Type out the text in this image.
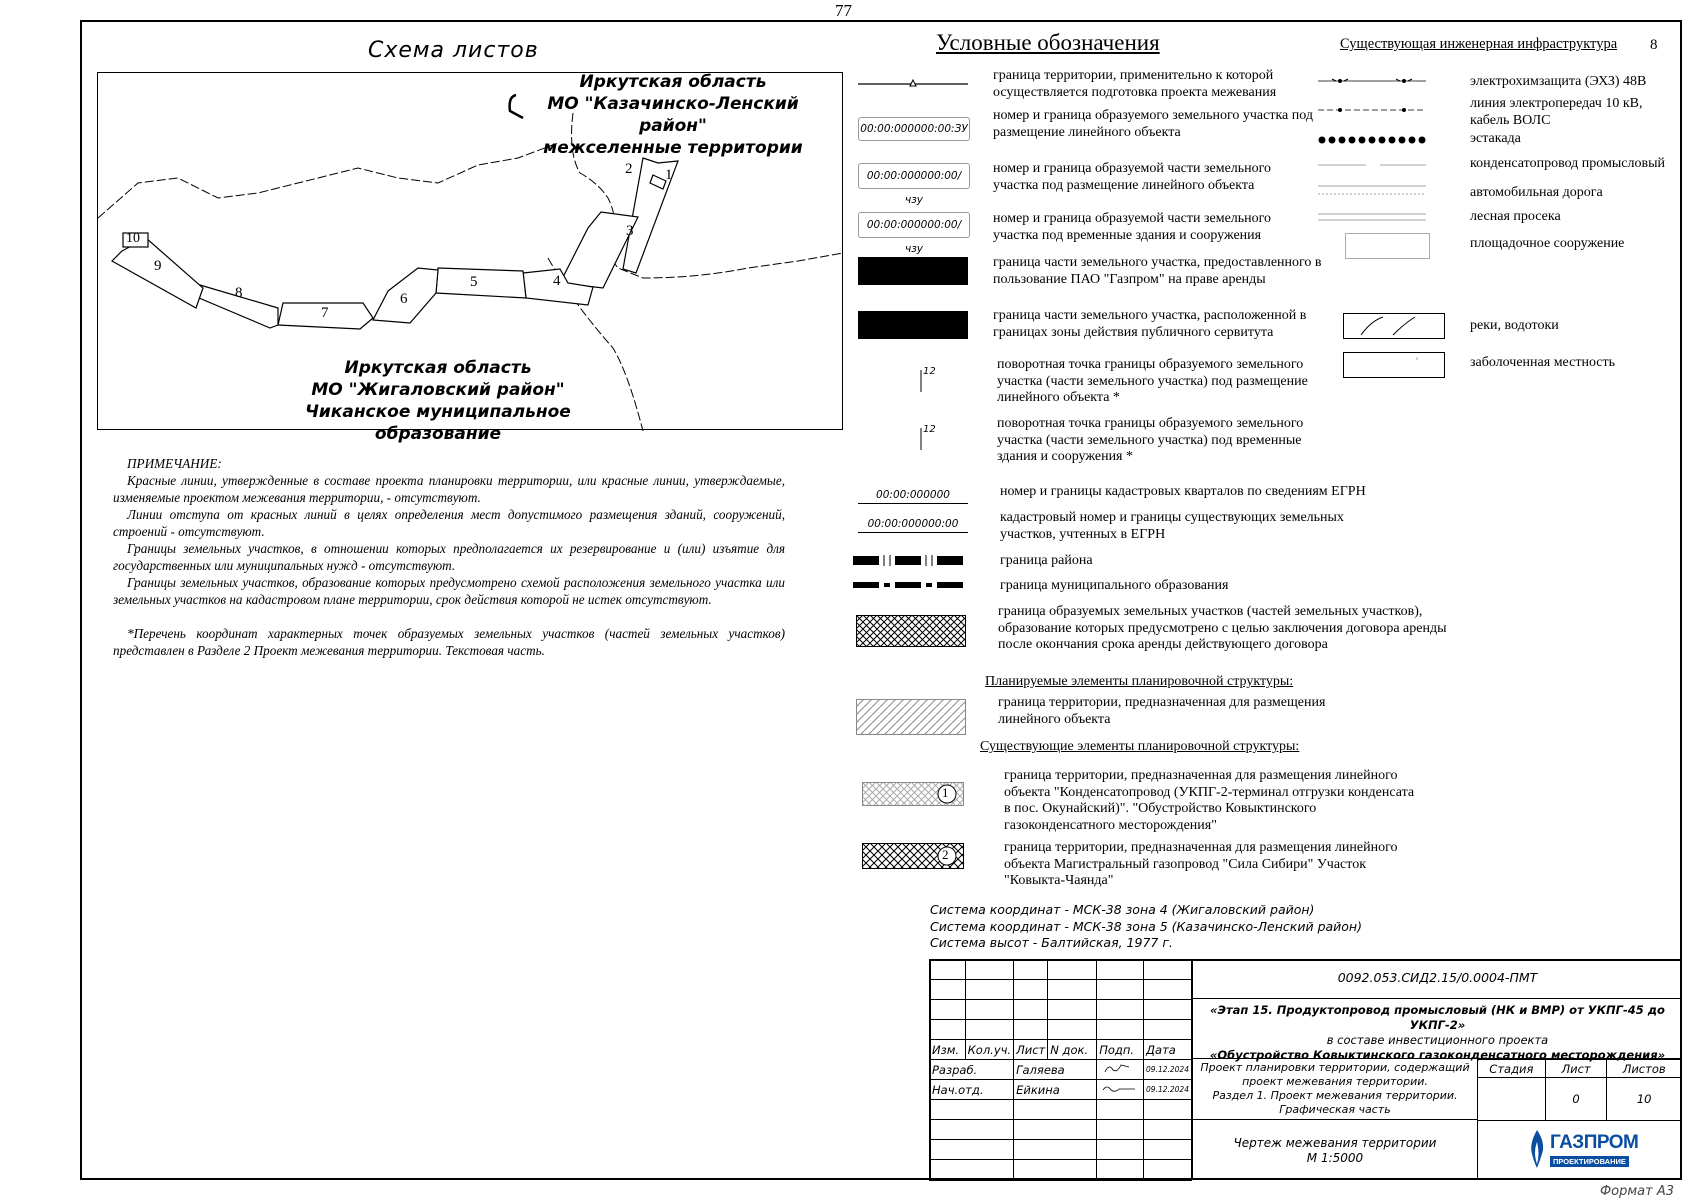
77
Формат А3
Схема листов
1
2
3
4
5
6
7
8
9
10
Иркутская область
МО "Казачинско-Ленский район"
межселенные территории
Иркутская область
МО "Жигаловский район"
Чиканское муниципальное образование
ПРИМЕЧАНИЕ:

Красные линии, утвержденные в составе проекта планировки территории, или красные линии, утверждаемые, изменяемые проектом межевания территории, - отсутствуют.

Линии отступа от красных линий в целях определения мест допустимого размещения зданий, сооружений, строений - отсутствуют.

Границы земельных участков, в отношении которых предполагается их резервирование и (или) изъятие для государственных или муниципальных нужд - отсутствуют.

Границы земельных участков, образование которых предусмотрено схемой расположения земельного участка или земельных участков на кадастровом плане территории, срок действия которой не истек отсутствуют.

*Перечень координат характерных точек образуемых земельных участков (частей земельных участков) представлен в Разделе 2 Проект межевания территории. Текстовая часть.

Условные обозначения
граница территории, применительно к которой осуществляется подготовка проекта межевания
00:00:000000:00:ЗУ
номер и граница образуемого земельного участка под размещение линейного объекта
00:00:000000:00/чзу
номер и граница образуемой части земельного участка под размещение линейного объекта
00:00:000000:00/чзу
номер и граница образуемой части земельного участка под временные здания и сооружения
граница части земельного участка, предоставленного в пользование ПАО "Газпром" на праве аренды
граница части земельного участка, расположенной в границах зоны действия публичного сервитута
12	поворотная точка границы образуемого земельного участка (части земельного участка) под размещение линейного объекта *
12	поворотная точка границы образуемого земельного участка (части земельного участка) под временные здания и сооружения *
00:00:000000	номер и границы кадастровых кварталов по сведениям ЕГРН
00:00:000000:00	кадастровый номер и границы существующих земельных участков, учтенных в ЕГРН
граница района
граница муниципального образования
граница образуемых земельных участков (частей земельных участков), образование которых предусмотрено с целью заключения договора аренды после окончания срока аренды действующего договора
Планируемые элементы планировочной структуры:
граница территории, предназначенная для размещения линейного объекта
Существующие элементы планировочной структуры:
1
граница территории, предназначенная для размещения линейного объекта "Конденсатопровод (УКПГ-2-терминал отгрузки конденсата в пос. Окунайский)". "Обустройство Ковыктинского газоконденсатного месторождения"
2	граница территории, предназначенная для размещения линейного объекта Магистральный газопровод "Сила Сибири" Участок "Ковыкта-Чаянда"
Существующая инженерная инфраструктура 8
электрохимзащита (ЭХЗ) 48В
линия электропередач 10 кВ, кабель ВОЛС
эстакада
конденсатопровод промысловый
автомобильная дорога
лесная просека
площадочное сооружение
реки, водотоки
заболоченная местность
Система координат - МСК-38 зона 4 (Жигаловский район)
Система координат - МСК-38 зона 5 (Казачинско-Ленский район)
Система высот - Балтийская, 1977 г.

Изм.	Кол.уч.	Лист	N док.	Подп.	Дата
Разраб.		Галяева			09.12.2024
Нач.отд.		Ейкина			09.12.2024

0092.053.СИД2.15/0.0004-ПМТ
«Этап 15. Продуктопровод промысловый (НК и ВМР) от УКПГ-45 до УКПГ-2»
в составе инвестиционного проекта
«Обустройство Ковыктинского газоконденсатного месторождения»
Проект планировки территории, содержащий
проект межевания территории.
Раздел 1. Проект межевания территории.
Графическая часть
Чертеж межевания территории
М 1:5000
Стадия	Лист	Листов
	0	10
ГАЗПРОМ
ПРОЕКТИРОВАНИЕ
